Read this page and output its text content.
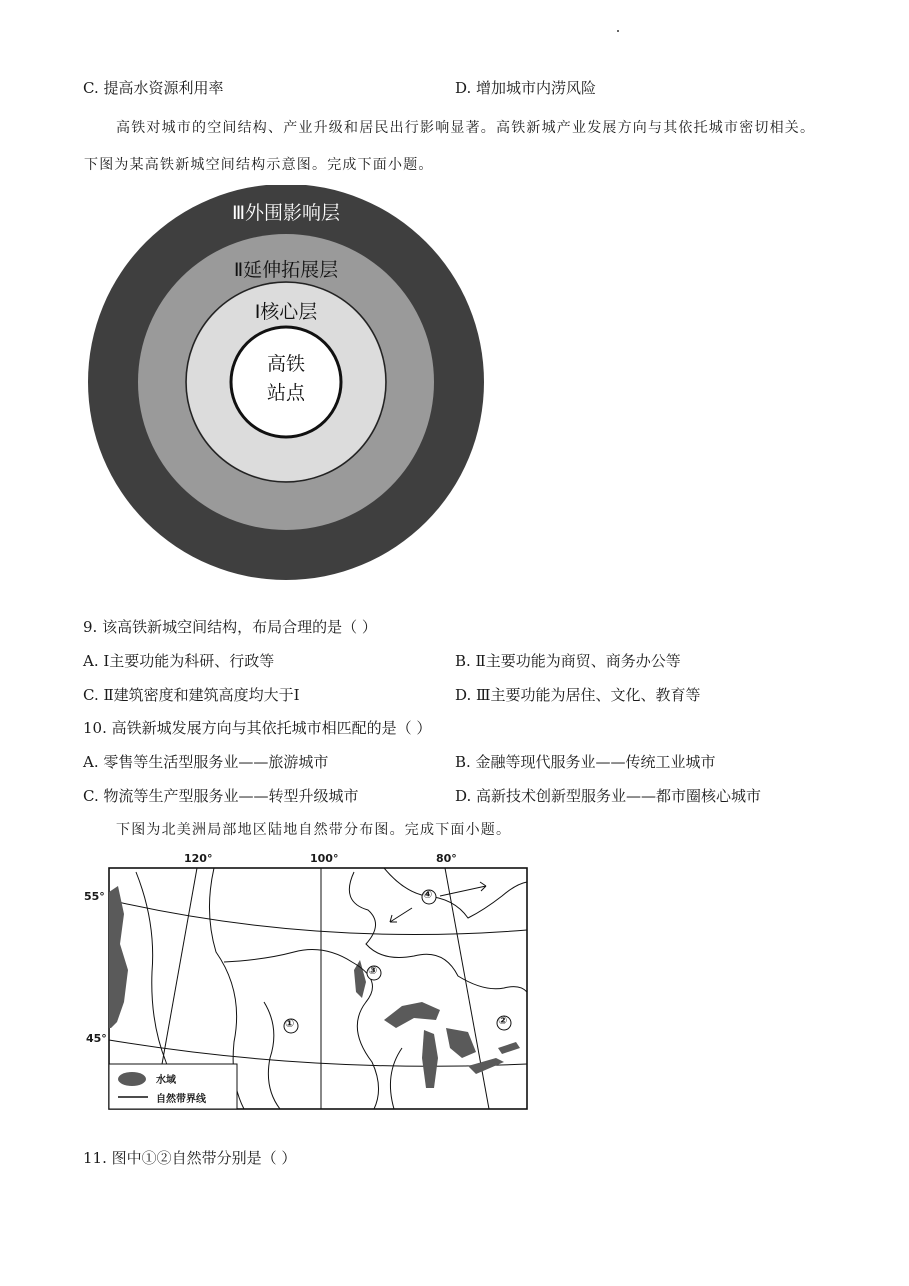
C. 提高水资源利用率	D. 增加城市内涝风险
高铁对城市的空间结构、产业升级和居民出行影响显著。高铁新城产业发展方向与其依托城市密切相关。下图为某高铁新城空间结构示意图。完成下面小题。
Ⅲ外围影响层
Ⅱ延伸拓展层
Ⅰ核心层
高铁
站点
9. 该高铁新城空间结构，布局合理的是（ ）
A. Ⅰ主要功能为科研、行政等	B. Ⅱ主要功能为商贸、商务办公等
C. Ⅱ建筑密度和建筑高度均大于Ⅰ	D. Ⅲ主要功能为居住、文化、教育等
10. 高铁新城发展方向与其依托城市相匹配的是（ ）
A. 零售等生活型服务业——旅游城市	B. 金融等现代服务业——传统工业城市
C. 物流等生产型服务业——转型升级城市	D. 高新技术创新型服务业——都市圈核心城市
下图为北美洲局部地区陆地自然带分布图。完成下面小题。
120°	100°	80°
55°
45°
①	②
③
④
水域
自然带界线
11. 图中①②自然带分别是（ ）
